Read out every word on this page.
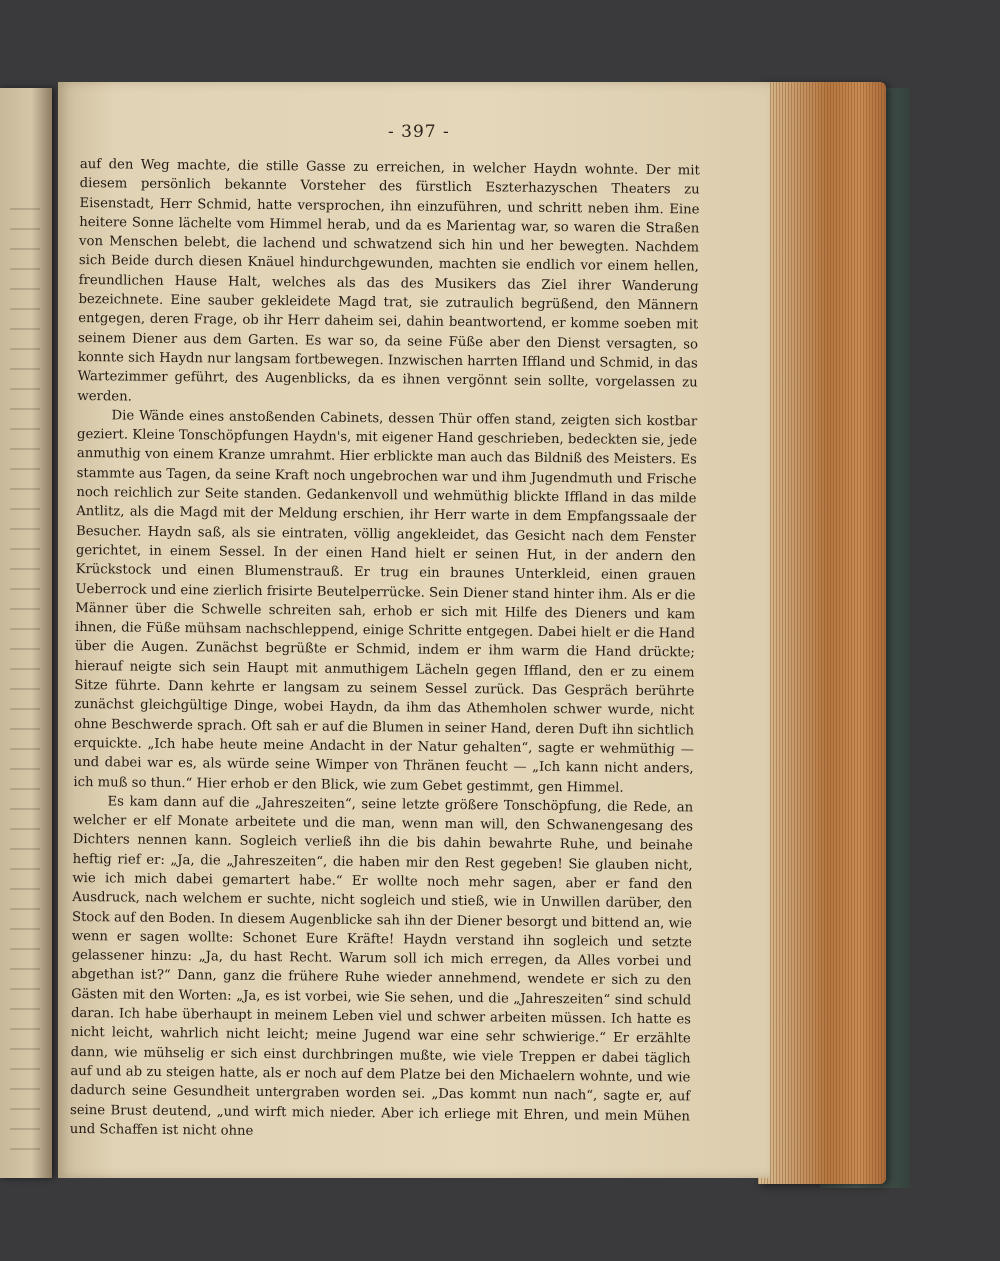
- 397 -

auf den Weg machte, die stille Gasse zu erreichen, in welcher Haydn wohnte. Der mit diesem persönlich bekannte Vorsteher des fürstlich Eszterhazyschen Theaters zu Eisenstadt, Herr Schmid, hatte versprochen, ihn einzuführen, und schritt neben ihm. Eine heitere Sonne lächelte vom Himmel herab, und da es Marientag war, so waren die Straßen von Menschen belebt, die lachend und schwatzend sich hin und her bewegten. Nachdem sich Beide durch diesen Knäuel hindurchgewunden, machten sie endlich vor einem hellen, freundlichen Hause Halt, welches als das des Musikers das Ziel ihrer Wanderung bezeichnete. Eine sauber gekleidete Magd trat, sie zutraulich begrüßend, den Männern entgegen, deren Frage, ob ihr Herr daheim sei, dahin beantwortend, er komme soeben mit seinem Diener aus dem Garten. Es war so, da seine Füße aber den Dienst versagten, so konnte sich Haydn nur langsam fortbewegen. Inzwischen harrten Iffland und Schmid, in das Wartezimmer geführt, des Augenblicks, da es ihnen vergönnt sein sollte, vorgelassen zu werden.

Die Wände eines anstoßenden Cabinets, dessen Thür offen stand, zeigten sich kostbar geziert. Kleine Tonschöpfungen Haydn's, mit eigener Hand geschrieben, bedeckten sie, jede anmuthig von einem Kranze umrahmt. Hier erblickte man auch das Bildniß des Meisters. Es stammte aus Tagen, da seine Kraft noch ungebrochen war und ihm Jugendmuth und Frische noch reichlich zur Seite standen. Gedankenvoll und wehmüthig blickte Iffland in das milde Antlitz, als die Magd mit der Meldung erschien, ihr Herr warte in dem Empfangssaale der Besucher. Haydn saß, als sie eintraten, völlig angekleidet, das Gesicht nach dem Fenster gerichtet, in einem Sessel. In der einen Hand hielt er seinen Hut, in der andern den Krückstock und einen Blumenstrauß. Er trug ein braunes Unterkleid, einen grauen Ueberrock und eine zierlich frisirte Beutelperrücke. Sein Diener stand hinter ihm. Als er die Männer über die Schwelle schreiten sah, erhob er sich mit Hilfe des Dieners und kam ihnen, die Füße mühsam nachschleppend, einige Schritte entgegen. Dabei hielt er die Hand über die Augen. Zunächst begrüßte er Schmid, indem er ihm warm die Hand drückte; hierauf neigte sich sein Haupt mit anmuthigem Lächeln gegen Iffland, den er zu einem Sitze führte. Dann kehrte er langsam zu seinem Sessel zurück. Das Gespräch berührte zunächst gleichgültige Dinge, wobei Haydn, da ihm das Athemholen schwer wurde, nicht ohne Beschwerde sprach. Oft sah er auf die Blumen in seiner Hand, deren Duft ihn sichtlich erquickte. „Ich habe heute meine Andacht in der Natur gehalten“, sagte er wehmüthig — und dabei war es, als würde seine Wimper von Thränen feucht — „Ich kann nicht anders, ich muß so thun.“ Hier erhob er den Blick, wie zum Gebet gestimmt, gen Himmel.

Es kam dann auf die „Jahreszeiten“, seine letzte größere Tonschöpfung, die Rede, an welcher er elf Monate arbeitete und die man, wenn man will, den Schwanengesang des Dichters nennen kann. Sogleich verließ ihn die bis dahin bewahrte Ruhe, und beinahe heftig rief er: „Ja, die „Jahreszeiten“, die haben mir den Rest gegeben! Sie glauben nicht, wie ich mich dabei gemartert habe.“ Er wollte noch mehr sagen, aber er fand den Ausdruck, nach welchem er suchte, nicht sogleich und stieß, wie in Unwillen darüber, den Stock auf den Boden. In diesem Augenblicke sah ihn der Diener besorgt und bittend an, wie wenn er sagen wollte: Schonet Eure Kräfte! Haydn verstand ihn sogleich und setzte gelassener hinzu: „Ja, du hast Recht. Warum soll ich mich erregen, da Alles vorbei und abgethan ist?“ Dann, ganz die frühere Ruhe wieder annehmend, wendete er sich zu den Gästen mit den Worten: „Ja, es ist vorbei, wie Sie sehen, und die „Jahreszeiten“ sind schuld daran. Ich habe überhaupt in meinem Leben viel und schwer arbeiten müssen. Ich hatte es nicht leicht, wahrlich nicht leicht; meine Jugend war eine sehr schwierige.“ Er erzählte dann, wie mühselig er sich einst durchbringen mußte, wie viele Treppen er dabei täglich auf und ab zu steigen hatte, als er noch auf dem Platze bei den Michaelern wohnte, und wie dadurch seine Gesundheit untergraben worden sei. „Das kommt nun nach“, sagte er, auf seine Brust deutend, „und wirft mich nieder. Aber ich erliege mit Ehren, und mein Mühen und Schaffen ist nicht ohne
